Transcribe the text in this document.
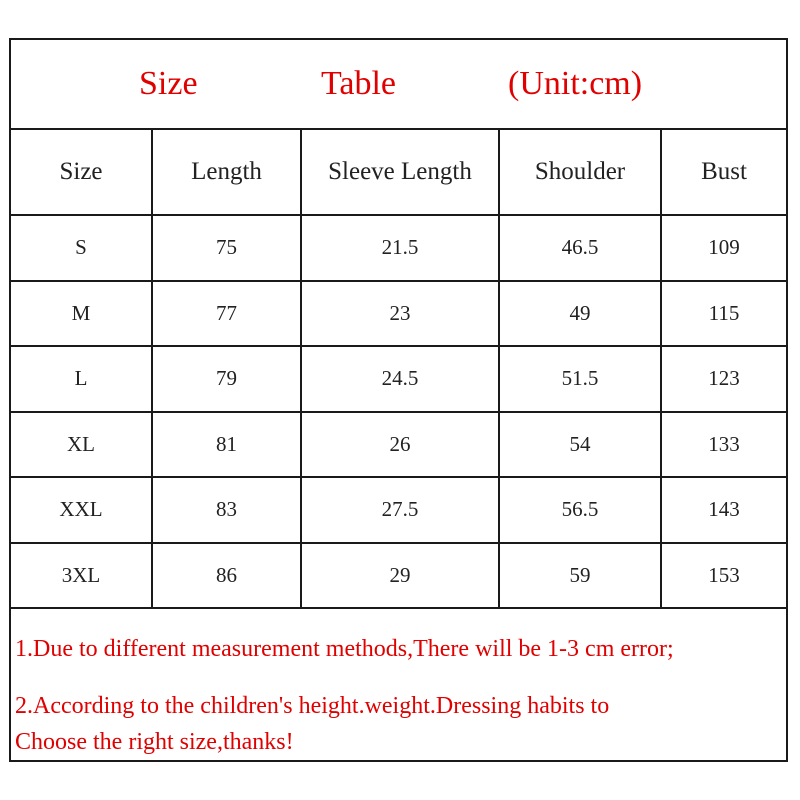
Size	Table	(Unit:cm)
Size	Length	Sleeve Length	Shoulder	Bust
S	75	21.5	46.5	109
M	77	23	49	115
L	79	24.5	51.5	123
XL	81	26	54	133
XXL	83	27.5	56.5	143
3XL	86	29	59	153
1.Due to different measurement methods,There will be 1-3 cm error;
2.According to the children's height.weight.Dressing habits to
Choose the right size,thanks!
